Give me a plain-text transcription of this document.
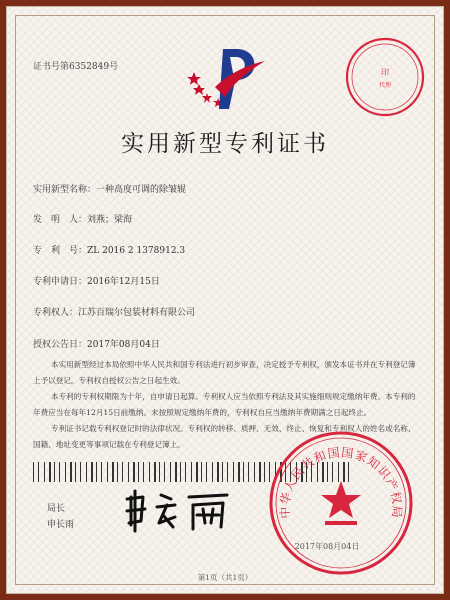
证书号第6352849号
印
代理
实用新型专利证书
实用新型名称：一种高度可调的除皱辊
发　明　人：刘燕；梁海
专　利　号：ZL 2016 2 1378912.3
专利申请日：2016年12月15日
专利权人：江苏百瑞尔包装材料有限公司
授权公告日：2017年08月04日

本实用新型经过本局依照中华人民共和国专利法进行初步审查，决定授予专利权，颁发本证书并在专利登记簿上予以登记。专利权自授权公告之日起生效。

本专利的专利权期限为十年，自申请日起算。专利权人应当依照专利法及其实施细则规定缴纳年费。本专利的年费应当在每年12月15日前缴纳。未按照规定缴纳年费的，专利权自应当缴纳年费期满之日起终止。

专利证书记载专利权登记时的法律状况。专利权的转移、质押、无效、终止、恢复和专利权人的姓名或名称、国籍、地址变更等事项记载在专利登记簿上。

局长
申长雨
中华人民共和国国家知识产权局
2017年08月04日
第1页（共1页）
